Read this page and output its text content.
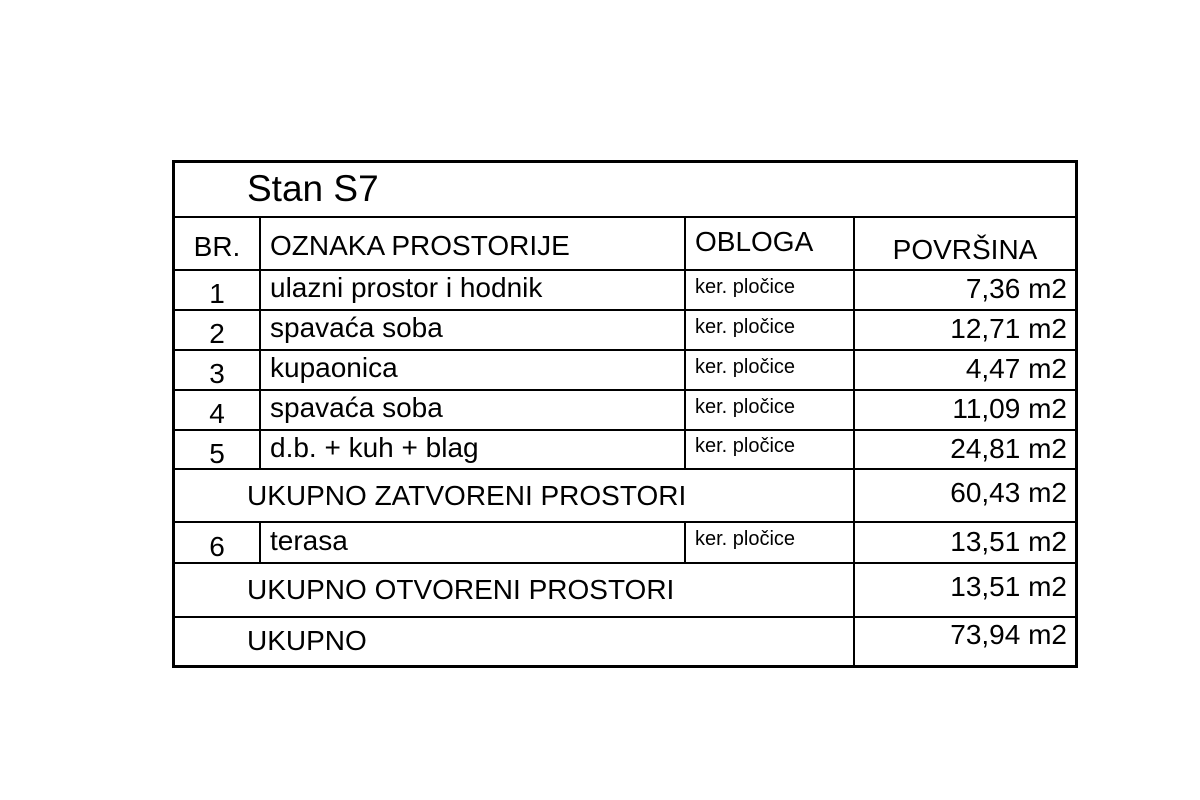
Stan S7
BR.	OZNAKA PROSTORIJE	OBLOGA	POVRŠINA
1	ulazni prostor i hodnik	ker. pločice	7,36 m2
2	spavaća soba	ker. pločice	12,71 m2
3	kupaonica	ker. pločice	4,47 m2
4	spavaća soba	ker. pločice	11,09 m2
5	d.b. + kuh + blag	ker. pločice	24,81 m2
UKUPNO ZATVORENI PROSTORI	60,43 m2
6	terasa	ker. pločice	13,51 m2
UKUPNO OTVORENI PROSTORI	13,51 m2
UKUPNO	73,94 m2
